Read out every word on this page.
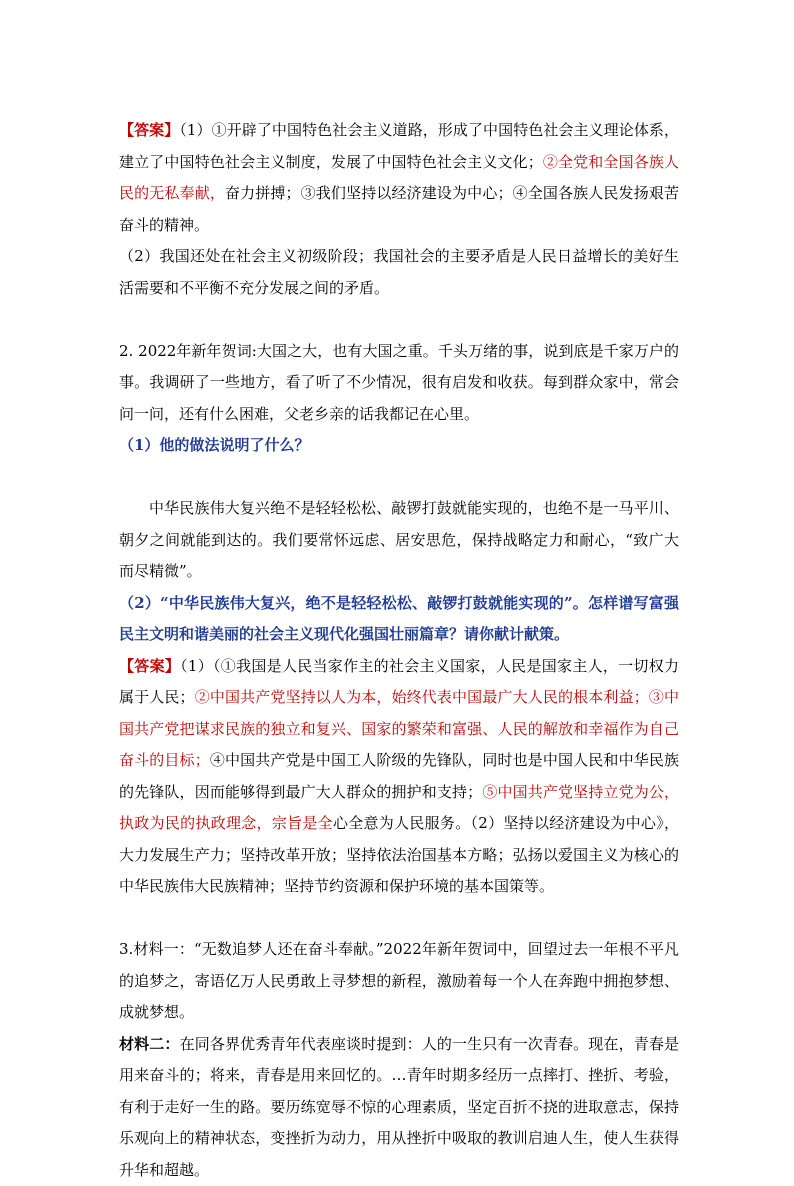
【答案】（1）①开辟了中国特色社会主义道路，形成了中国特色社会主义理论体系，建立了中国特色社会主义制度，发展了中国特色社会主义文化；②全党和全国各族人民的无私奉献，奋力拼搏；③我们坚持以经济建设为中心；④全国各族人民发扬艰苦奋斗的精神。

（2）我国还处在社会主义初级阶段；我国社会的主要矛盾是人民日益增长的美好生活需要和不平衡不充分发展之间的矛盾。

2. 2022年新年贺词:大国之大，也有大国之重。千头万绪的事，说到底是千家万户的事。我调研了一些地方，看了听了不少情况，很有启发和收获。每到群众家中，常会问一问，还有什么困难，父老乡亲的话我都记在心里。

（1）他的做法说明了什么？

中华民族伟大复兴绝不是轻轻松松、敲锣打鼓就能实现的，也绝不是一马平川、朝夕之间就能到达的。我们要常怀远虑、居安思危，保持战略定力和耐心，“致广大而尽精微”。

（2）“中华民族伟大复兴，绝不是轻轻松松、敲锣打鼓就能实现的”。怎样谱写富强民主文明和谐美丽的社会主义现代化强国壮丽篇章？请你献计献策。

【答案】（1）（①我国是人民当家作主的社会主义国家，人民是国家主人，一切权力属于人民；②中国共产党坚持以人为本，始终代表中国最广大人民的根本利益；③中国共产党把谋求民族的独立和复兴、国家的繁荣和富强、人民的解放和幸福作为自己奋斗的目标；④中国共产党是中国工人阶级的先锋队，同时也是中国人民和中华民族的先锋队，因而能够得到最广大人群众的拥护和支持；⑤中国共产党坚持立党为公，执政为民的执政理念，宗旨是全心全意为人民服务。（2）坚持以经济建设为中心》，大力发展生产力；坚持改革开放；坚持依法治国基本方略；弘扬以爱国主义为核心的中华民族伟大民族精神；坚持节约资源和保护环境的基本国策等。

3.材料一：“无数追梦人还在奋斗奉献。”2022年新年贺词中，回望过去一年根不平凡的追梦之，寄语亿万人民勇敢上寻梦想的新程，激励着每一个人在奔跑中拥抱梦想、成就梦想。

材料二：在同各界优秀青年代表座谈时提到：人的一生只有一次青春。现在，青春是用来奋斗的；将来，青春是用来回忆的。…青年时期多经历一点摔打、挫折、考验，有利于走好一生的路。要历练宽辱不惊的心理素质，坚定百折不挠的进取意志，保持乐观向上的精神状态，变挫折为动力，用从挫折中吸取的教训启迪人生，使人生获得升华和超越。
